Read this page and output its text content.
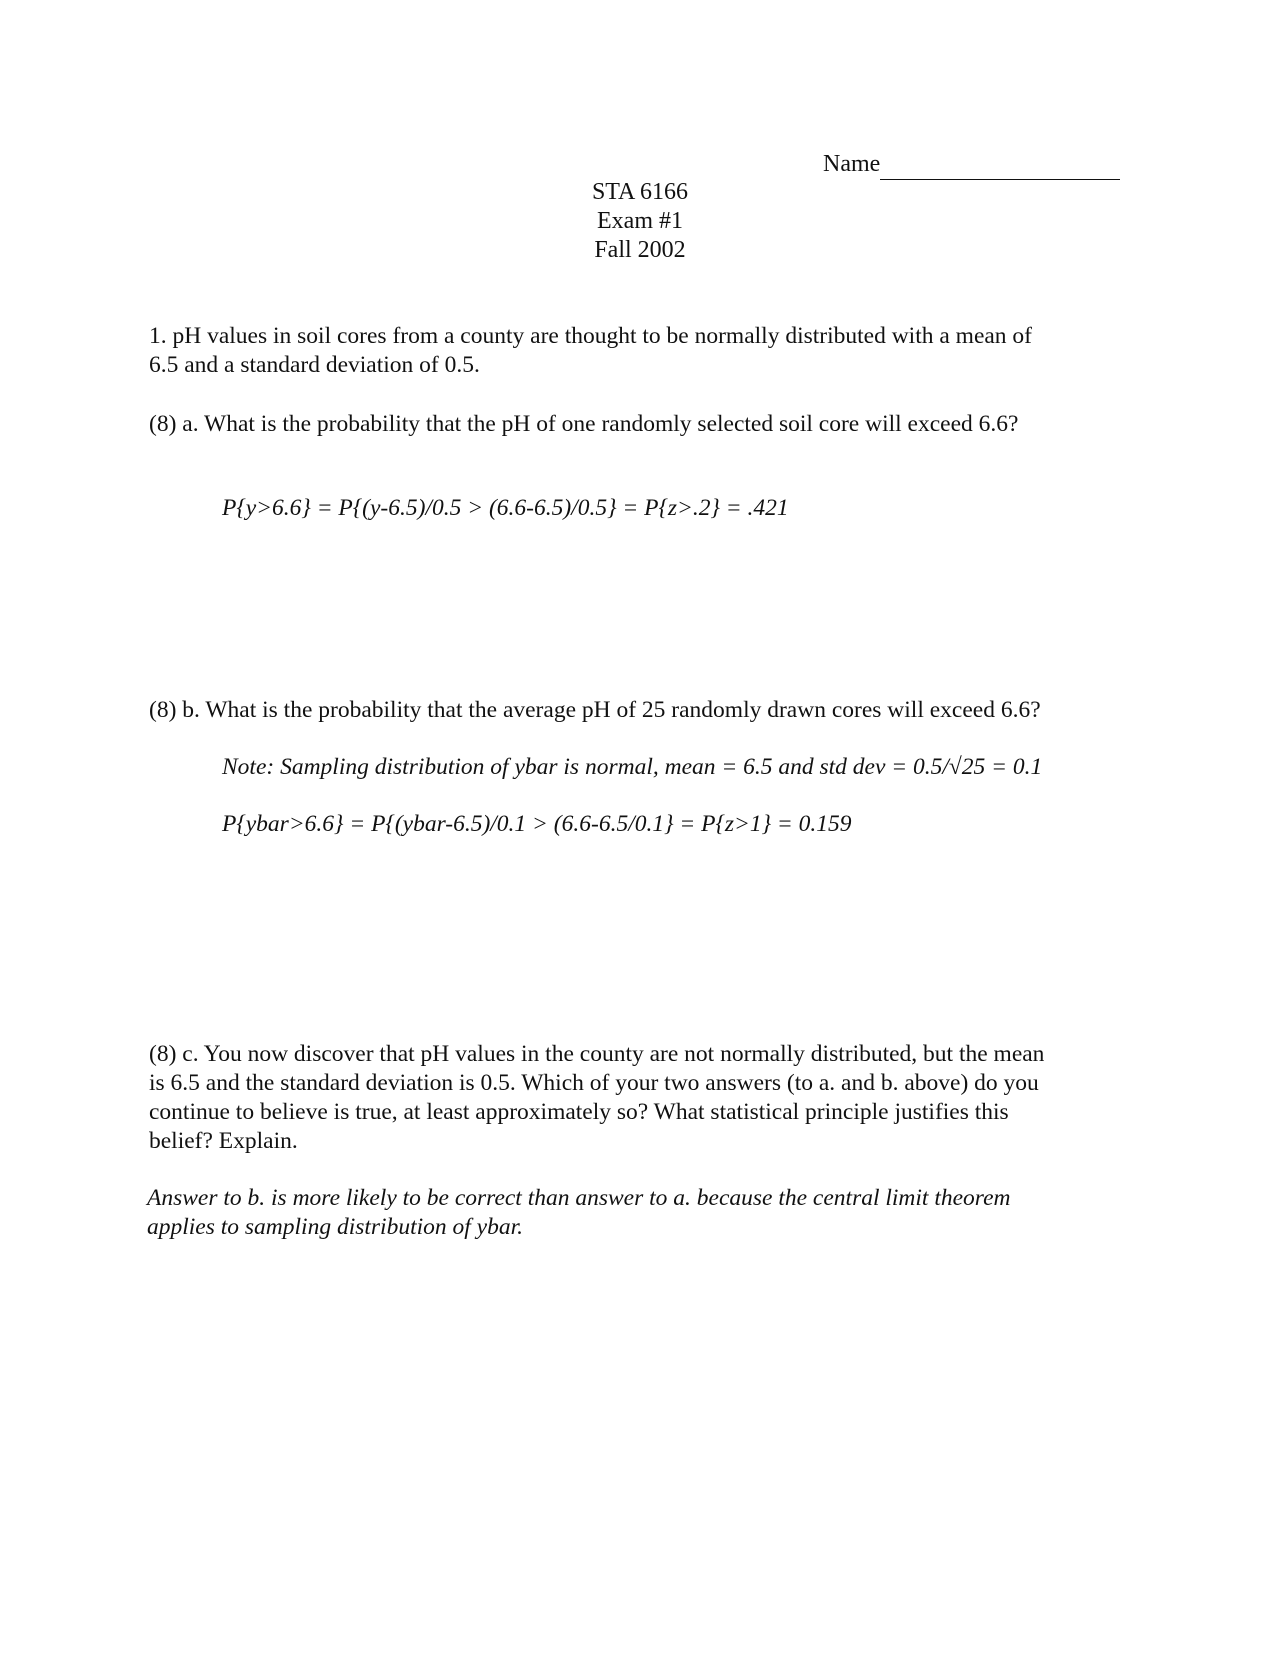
Name
STA 6166
Exam #1
Fall 2002
1. pH values in soil cores from a county are thought to be normally distributed with a mean of
6.5 and a standard deviation of 0.5.
(8) a. What is the probability that the pH of one randomly selected soil core will exceed 6.6?
P{y>6.6} = P{(y-6.5)/0.5 > (6.6-6.5)/0.5} = P{z>.2} = .421
(8) b. What is the probability that the average pH of 25 randomly drawn cores will exceed 6.6?
Note: Sampling distribution of ybar is normal, mean = 6.5 and std dev = 0.5/√25 = 0.1
P{ybar>6.6} = P{(ybar-6.5)/0.1 > (6.6-6.5/0.1} = P{z>1} = 0.159
(8) c. You now discover that pH values in the county are not normally distributed, but the mean
is 6.5 and the standard deviation is 0.5. Which of your two answers (to a. and b. above) do you
continue to believe is true, at least approximately so? What statistical principle justifies this
belief? Explain.
Answer to b. is more likely to be correct than answer to a. because the central limit theorem
applies to sampling distribution of ybar.
